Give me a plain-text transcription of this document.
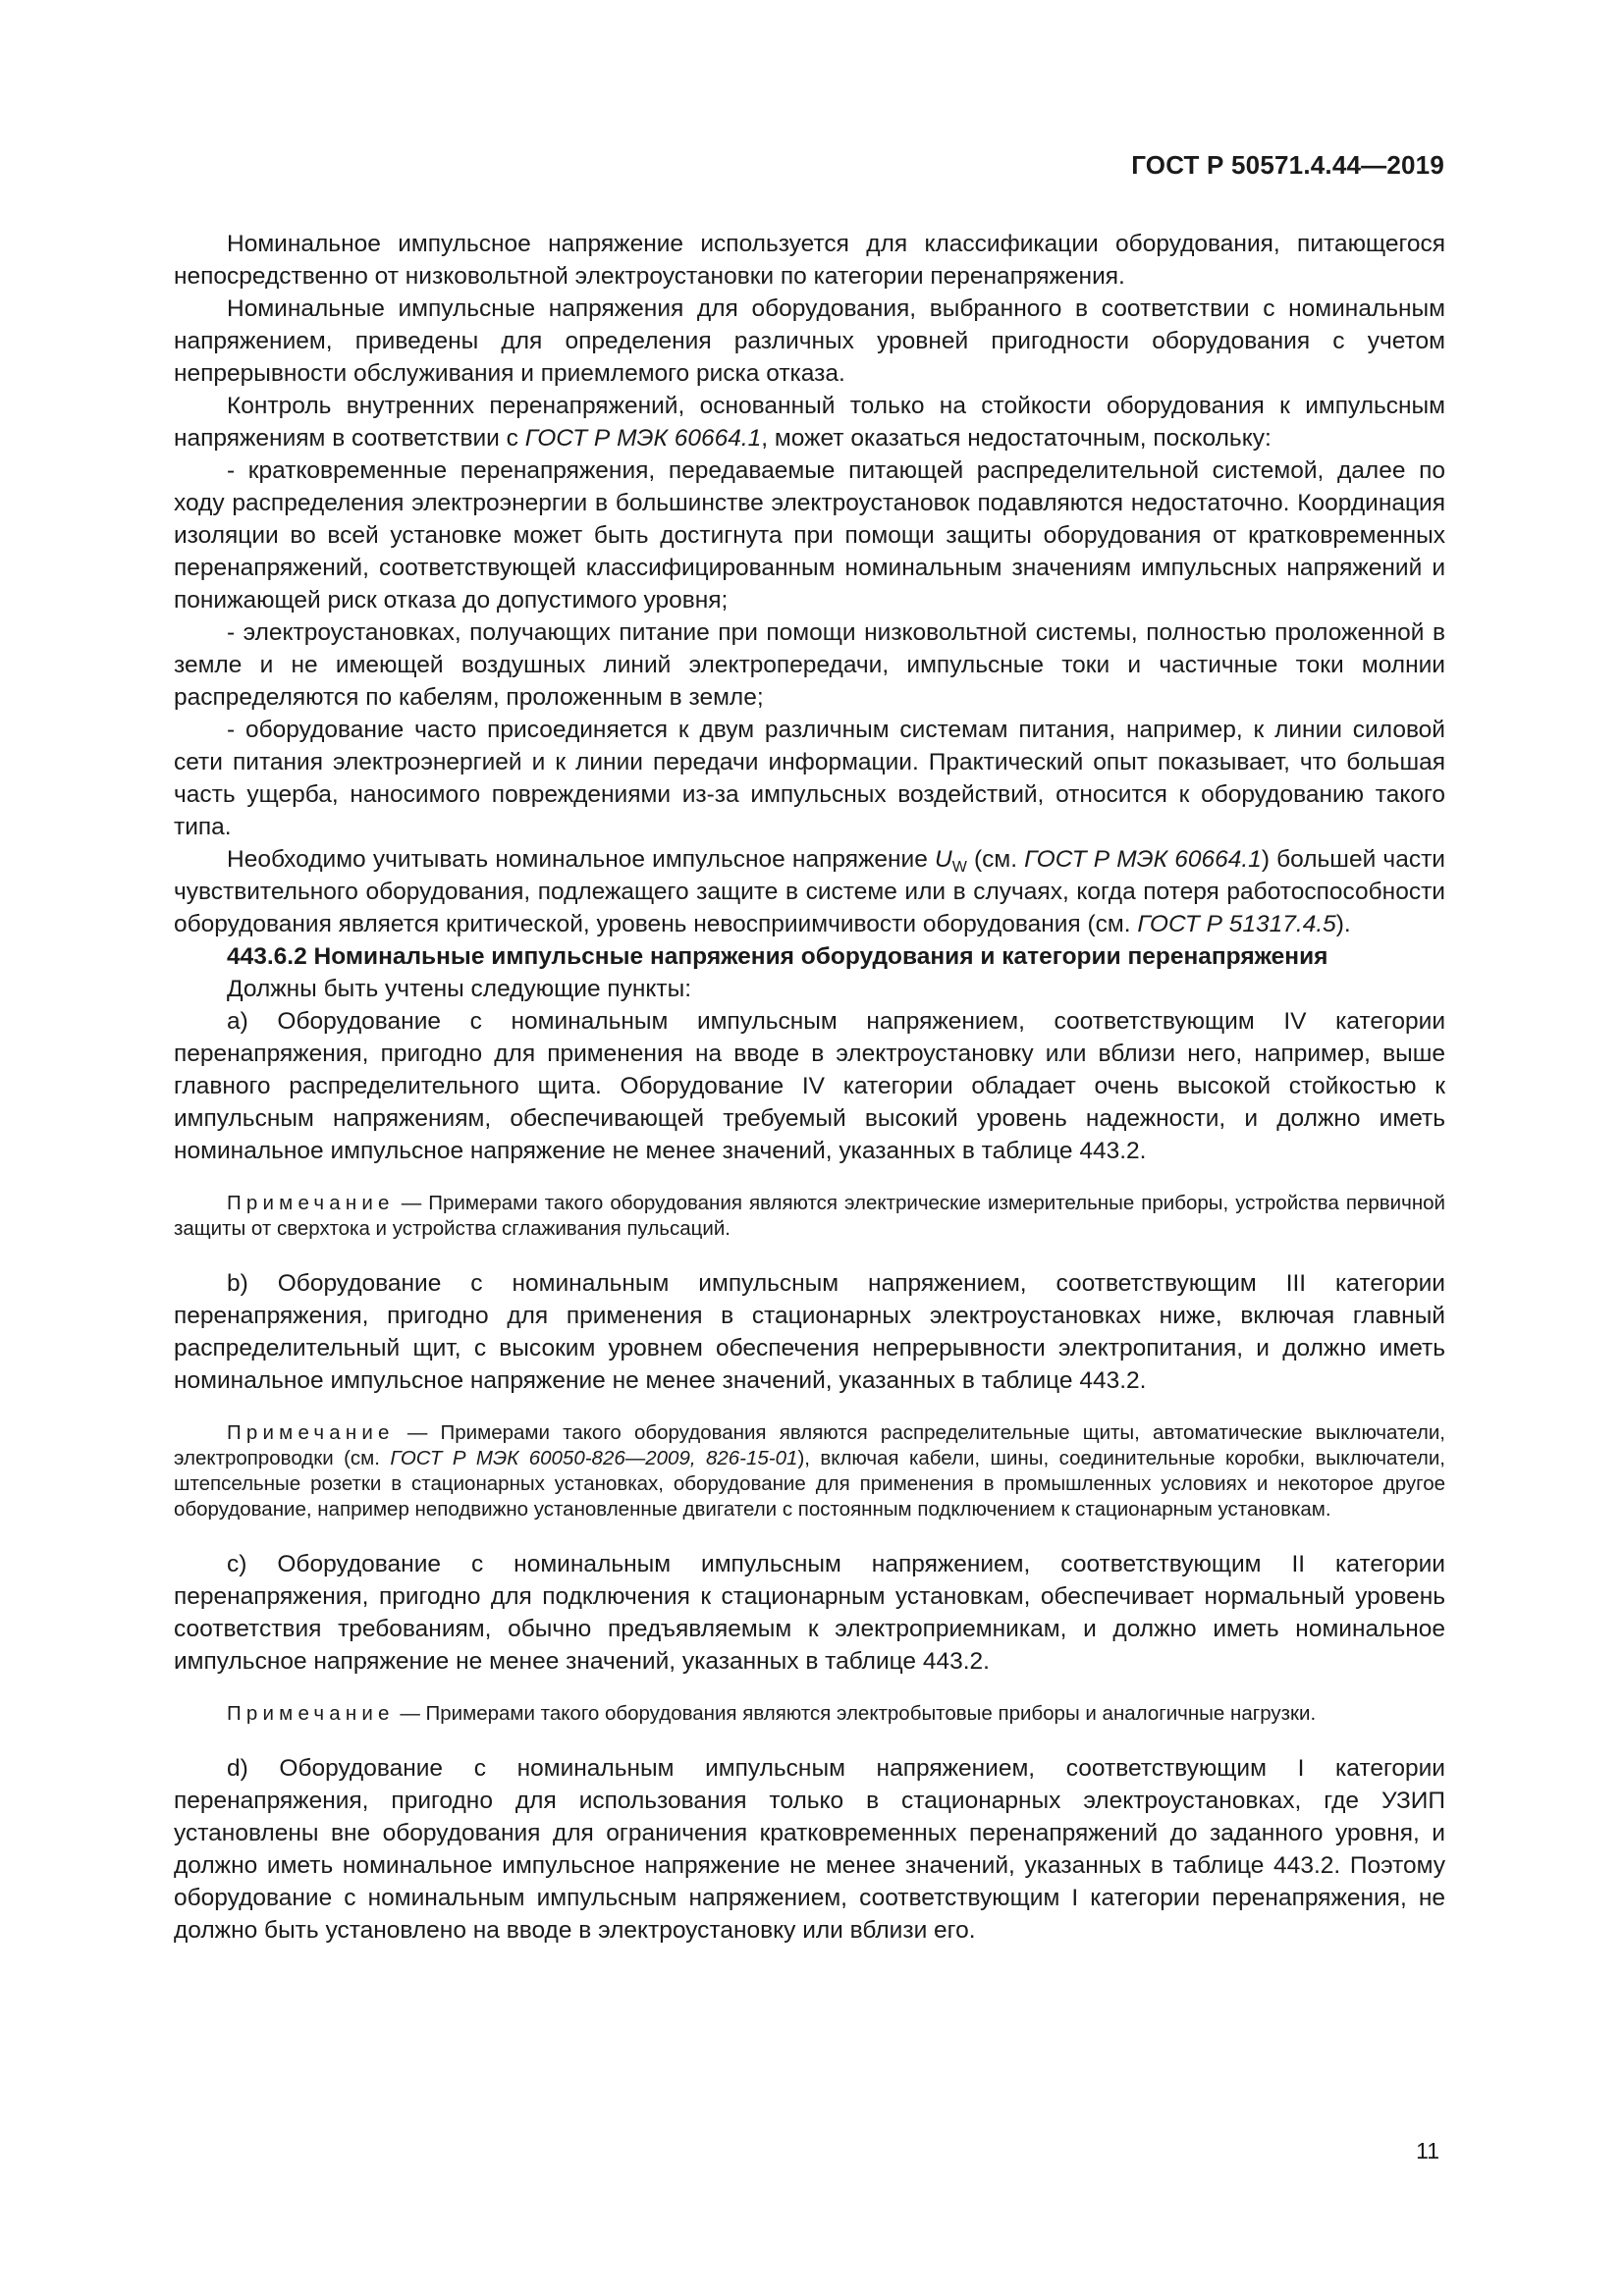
ГОСТ Р 50571.4.44—2019

Номинальное импульсное напряжение используется для классификации оборудования, питающегося непосредственно от низковольтной электроустановки по категории перенапряжения.

Номинальные импульсные напряжения для оборудования, выбранного в соответствии с номинальным напряжением, приведены для определения различных уровней пригодности оборудования с учетом непрерывности обслуживания и приемлемого риска отказа.

Контроль внутренних перенапряжений, основанный только на стойкости оборудования к импульсным напряжениям в соответствии с ГОСТ Р МЭК 60664.1, может оказаться недостаточным, поскольку:

- кратковременные перенапряжения, передаваемые питающей распределительной системой, далее по ходу распределения электроэнергии в большинстве электроустановок подавляются недостаточно. Координация изоляции во всей установке может быть достигнута при помощи защиты оборудования от кратковременных перенапряжений, соответствующей классифицированным номинальным значениям импульсных напряжений и понижающей риск отказа до допустимого уровня;

- электроустановках, получающих питание при помощи низковольтной системы, полностью проложенной в земле и не имеющей воздушных линий электропередачи, импульсные токи и частичные токи молнии распределяются по кабелям, проложенным в земле;

- оборудование часто присоединяется к двум различным системам питания, например, к линии силовой сети питания электроэнергией и к линии передачи информации. Практический опыт показывает, что большая часть ущерба, наносимого повреждениями из-за импульсных воздействий, относится к оборудованию такого типа.

Необходимо учитывать номинальное импульсное напряжение $U_W$ (см. ГОСТ Р МЭК 60664.1) большей части чувствительного оборудования, подлежащего защите в системе или в случаях, когда потеря работоспособности оборудования является критической, уровень невосприимчивости оборудования (см. ГОСТ Р 51317.4.5).

443.6.2 Номинальные импульсные напряжения оборудования и категории перенапряжения

Должны быть учтены следующие пункты:

a) Оборудование с номинальным импульсным напряжением, соответствующим IV категории перенапряжения, пригодно для применения на вводе в электроустановку или вблизи него, например, выше главного распределительного щита. Оборудование IV категории обладает очень высокой стойкостью к импульсным напряжениям, обеспечивающей требуемый высокий уровень надежности, и должно иметь номинальное импульсное напряжение не менее значений, указанных в таблице 443.2.

Примечание — Примерами такого оборудования являются электрические измерительные приборы, устройства первичной защиты от сверхтока и устройства сглаживания пульсаций.

b) Оборудование с номинальным импульсным напряжением, соответствующим III категории перенапряжения, пригодно для применения в стационарных электроустановках ниже, включая главный распределительный щит, с высоким уровнем обеспечения непрерывности электропитания, и должно иметь номинальное импульсное напряжение не менее значений, указанных в таблице 443.2.

Примечание — Примерами такого оборудования являются распределительные щиты, автоматические выключатели, электропроводки (см. ГОСТ Р МЭК 60050-826—2009, 826-15-01), включая кабели, шины, соединительные коробки, выключатели, штепсельные розетки в стационарных установках, оборудование для применения в промышленных условиях и некоторое другое оборудование, например неподвижно установленные двигатели с постоянным подключением к стационарным установкам.

c) Оборудование с номинальным импульсным напряжением, соответствующим II категории перенапряжения, пригодно для подключения к стационарным установкам, обеспечивает нормальный уровень соответствия требованиям, обычно предъявляемым к электроприемникам, и должно иметь номинальное импульсное напряжение не менее значений, указанных в таблице 443.2.

Примечание — Примерами такого оборудования являются электробытовые приборы и аналогичные нагрузки.

d) Оборудование с номинальным импульсным напряжением, соответствующим I категории перенапряжения, пригодно для использования только в стационарных электроустановках, где УЗИП установлены вне оборудования для ограничения кратковременных перенапряжений до заданного уровня, и должно иметь номинальное импульсное напряжение не менее значений, указанных в таблице 443.2. Поэтому оборудование с номинальным импульсным напряжением, соответствующим I категории перенапряжения, не должно быть установлено на вводе в электроустановку или вблизи его.

11
